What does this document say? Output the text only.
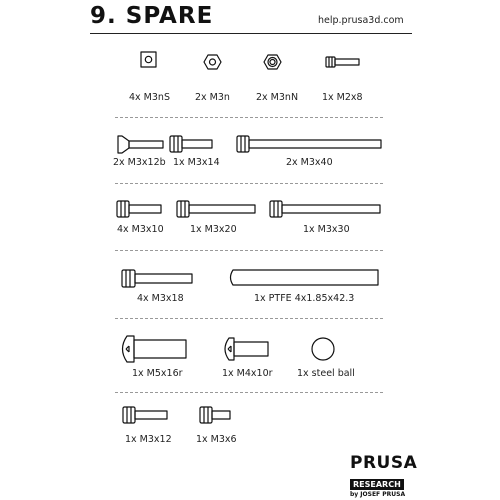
9. SPARE	help.prusa3d.com
4x M3nS	2x M3n	2x M3nN	1x M2x8
2x M3x12b 1x M3x14	2x M3x40
4x M3x10	1x M3x20	1x M3x30
4x M3x18	1x PTFE 4x1.85x42.3
1x M5x16r	1x M4x10r	1x steel ball
1x M3x12	1x M3x6
PRUSA
RESEARCH
by JOSEF PRUSA
